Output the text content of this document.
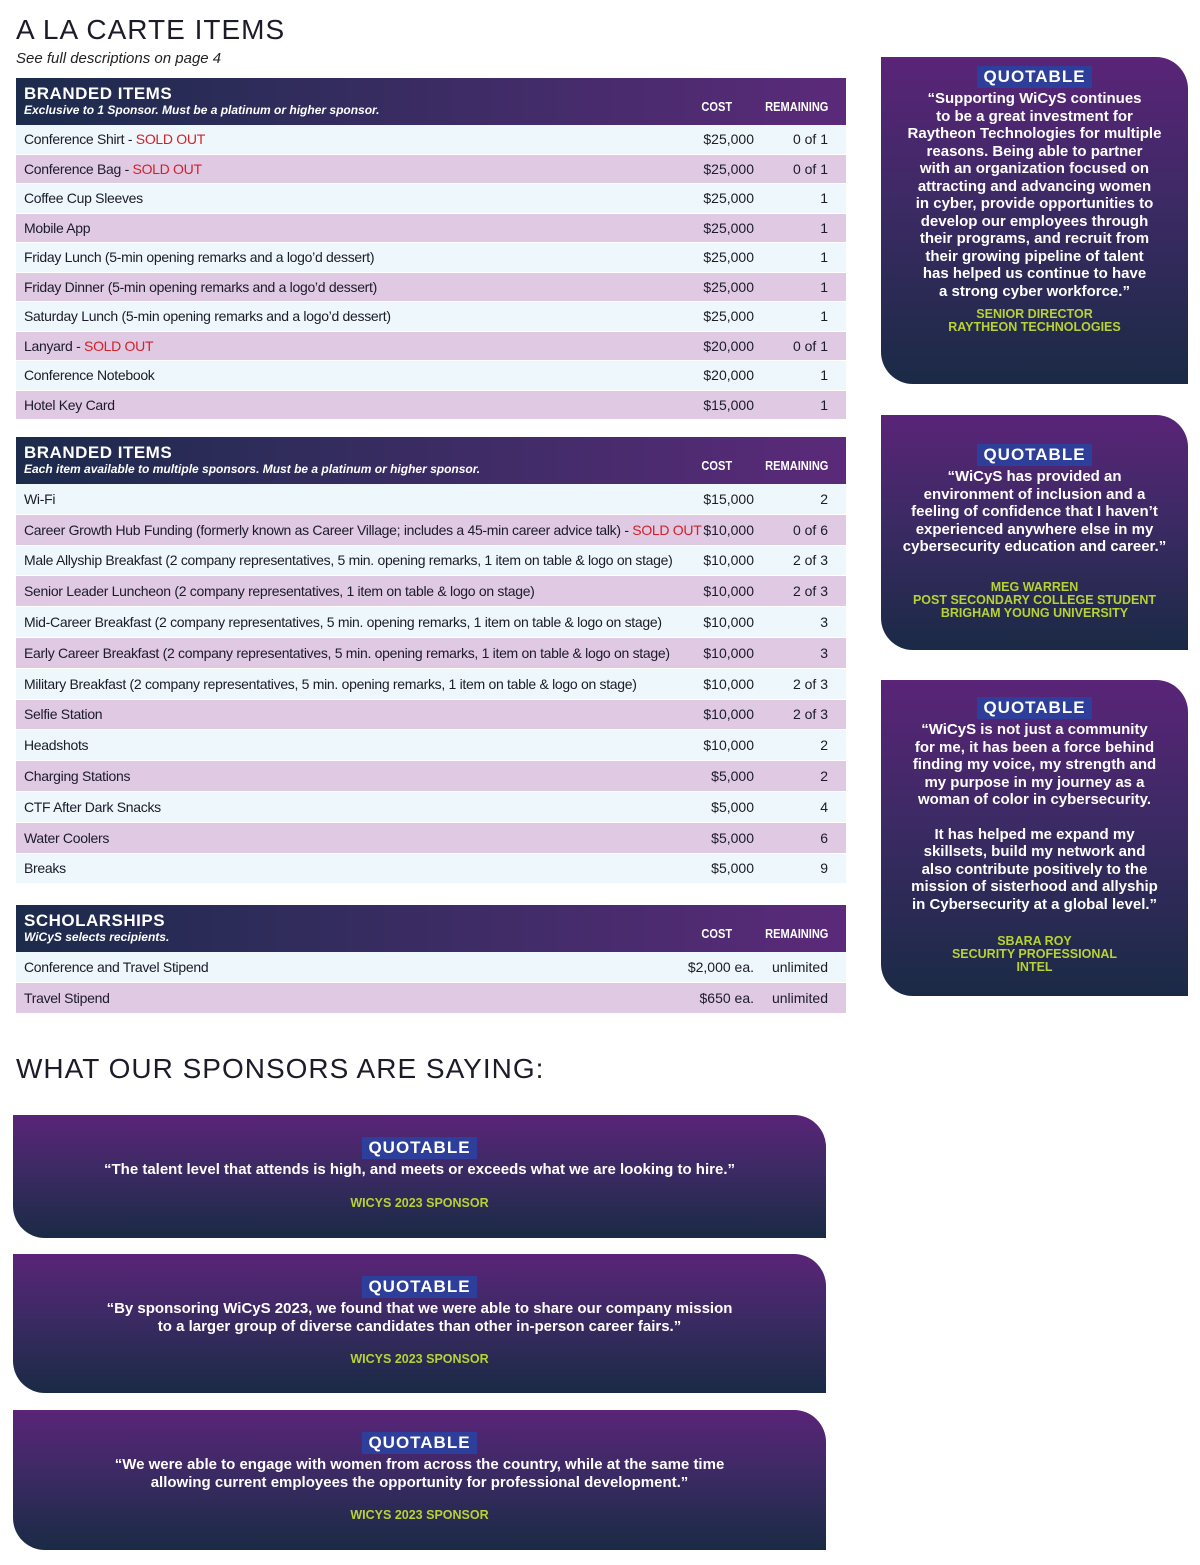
A LA CARTE ITEMS
See full descriptions on page 4
BRANDED ITEMS
Exclusive to 1 Sponsor. Must be a platinum or higher sponsor.	COST	REMAINING
Conference Shirt - SOLD OUT	$25,000	0 of 1
Conference Bag - SOLD OUT	$25,000	0 of 1
Coffee Cup Sleeves	$25,000	1
Mobile App	$25,000	1
Friday Lunch (5-min opening remarks and a logo’d dessert)	$25,000	1
Friday Dinner (5-min opening remarks and a logo’d dessert)	$25,000	1
Saturday Lunch (5-min opening remarks and a logo’d dessert)	$25,000	1
Lanyard - SOLD OUT	$20,000	0 of 1
Conference Notebook	$20,000	1
Hotel Key Card	$15,000	1
BRANDED ITEMS
Each item available to multiple sponsors. Must be a platinum or higher sponsor.	COST	REMAINING
Wi-Fi	$15,000	2
Career Growth Hub Funding (formerly known as Career Village; includes a 45-min career advice talk) - SOLD OUT $10,000	0 of 6
Male Allyship Breakfast (2 company representatives, 5 min. opening remarks, 1 item on table & logo on stage) $10,000	2 of 3
Senior Leader Luncheon (2 company representatives, 1 item on table & logo on stage)	$10,000	2 of 3
Mid-Career Breakfast (2 company representatives, 5 min. opening remarks, 1 item on table & logo on stage)	$10,000	3
Early Career Breakfast (2 company representatives, 5 min. opening remarks, 1 item on table & logo on stage) $10,000	3
Military Breakfast (2 company representatives, 5 min. opening remarks, 1 item on table & logo on stage)	$10,000	2 of 3
Selfie Station	$10,000	2 of 3
Headshots	$10,000	2
Charging Stations	$5,000	2
CTF After Dark Snacks	$5,000	4
Water Coolers	$5,000	6
Breaks	$5,000	9
SCHOLARSHIPS
WiCyS selects recipients.	COST	REMAINING
Conference and Travel Stipend	$2,000 ea. unlimited
Travel Stipend	$650 ea. unlimited
QUOTABLE
“Supporting WiCyS continues
to be a great investment for
Raytheon Technologies for multiple
reasons. Being able to partner
with an organization focused on
attracting and advancing women
in cyber, provide opportunities to
develop our employees through
their programs, and recruit from
their growing pipeline of talent
has helped us continue to have
a strong cyber workforce.”
SENIOR DIRECTOR
RAYTHEON TECHNOLOGIES
QUOTABLE
“WiCyS has provided an
environment of inclusion and a
feeling of confidence that I haven’t
experienced anywhere else in my
cybersecurity education and career.”
MEG WARREN
POST SECONDARY COLLEGE STUDENT
BRIGHAM YOUNG UNIVERSITY
QUOTABLE
“WiCyS is not just a community
for me, it has been a force behind
finding my voice, my strength and
my purpose in my journey as a
woman of color in cybersecurity.
It has helped me expand my
skillsets, build my network and
also contribute positively to the
mission of sisterhood and allyship
in Cybersecurity at a global level.”
SBARA ROY
SECURITY PROFESSIONAL
INTEL
WHAT OUR SPONSORS ARE SAYING:
QUOTABLE
“The talent level that attends is high, and meets or exceeds what we are looking to hire.”
WICYS 2023 SPONSOR
QUOTABLE
“By sponsoring WiCyS 2023, we found that we were able to share our company mission
to a larger group of diverse candidates than other in-person career fairs.”
WICYS 2023 SPONSOR
QUOTABLE
“We were able to engage with women from across the country, while at the same time
allowing current employees the opportunity for professional development.”
WICYS 2023 SPONSOR
